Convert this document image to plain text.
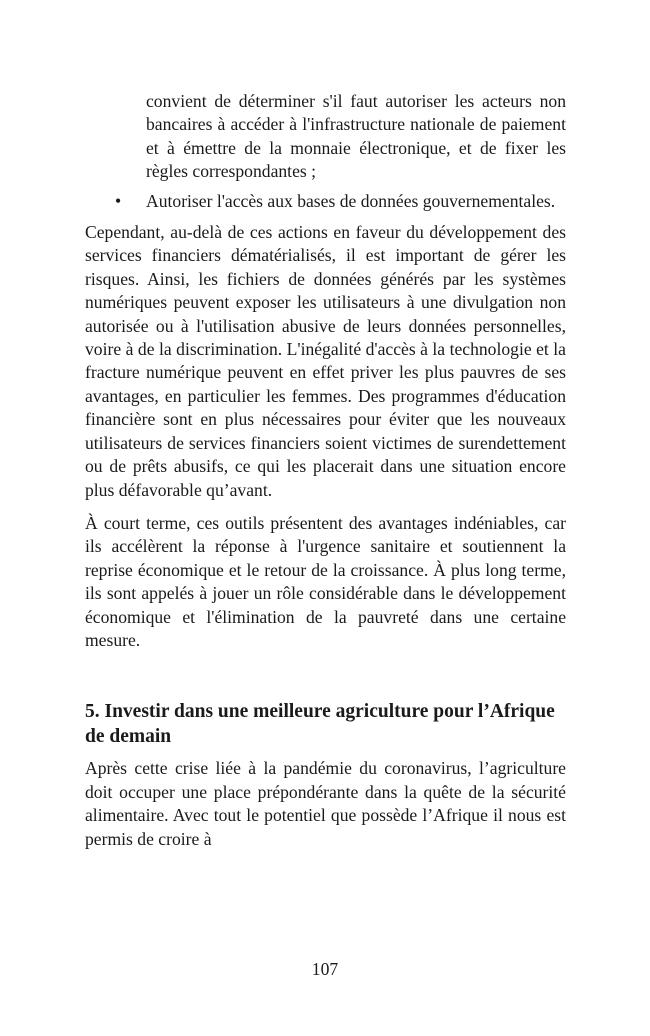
convient de déterminer s'il faut autoriser les acteurs non bancaires à accéder à l'infrastructure nationale de paiement et à émettre de la monnaie électronique, et de fixer les règles correspondantes ;

• Autoriser l'accès aux bases de données gouvernementales.

Cependant, au-delà de ces actions en faveur du développement des services financiers dématérialisés, il est important de gérer les risques. Ainsi, les fichiers de données générés par les systèmes numériques peuvent exposer les utilisateurs à une divulgation non autorisée ou à l'utilisation abusive de leurs données personnelles, voire à de la discrimination. L'inégalité d'accès à la technologie et la fracture numérique peuvent en effet priver les plus pauvres de ses avantages, en particulier les femmes. Des programmes d'éducation financière sont en plus nécessaires pour éviter que les nouveaux utilisateurs de services financiers soient victimes de surendettement ou de prêts abusifs, ce qui les placerait dans une situation encore plus défavorable qu’avant.

À court terme, ces outils présentent des avantages indéniables, car ils accélèrent la réponse à l'urgence sanitaire et soutiennent la reprise économique et le retour de la croissance. À plus long terme, ils sont appelés à jouer un rôle considérable dans le développement économique et l'élimination de la pauvreté dans une certaine mesure.

5. Investir dans une meilleure agriculture pour l’Afrique de demain

Après cette crise liée à la pandémie du coronavirus, l’agriculture doit occuper une place prépondérante dans la quête de la sécurité alimentaire. Avec tout le potentiel que possède l’Afrique il nous est permis de croire à

107
